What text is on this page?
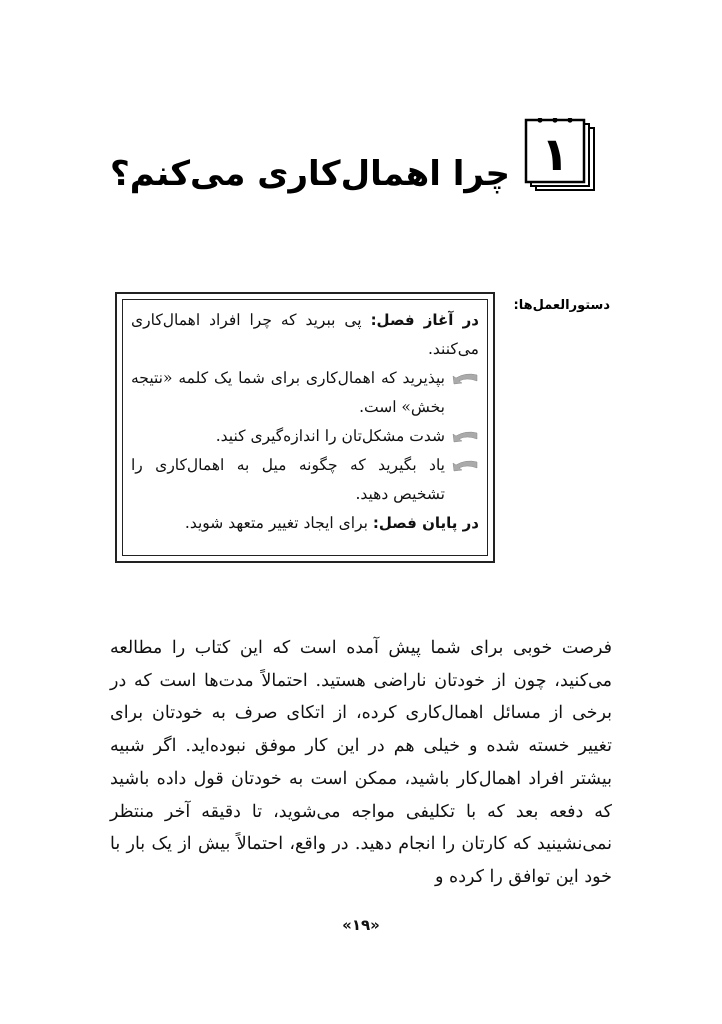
۱
چرا اهمال‌کاری می‌کنم؟
دستورالعمل‌ها:
در آغاز فصل: پی ببرید که چرا افراد اهمال‌کاری می‌کنند.
بپذیرید که اهمال‌کاری برای شما یک کلمه «نتیجه بخش» است.
شدت مشکل‌تان را اندازه‌گیری کنید.
یاد بگیرید که چگونه میل به اهمال‌کاری را تشخیص دهید.
در پایان فصل: برای ایجاد تغییر متعهد شوید.
فرصت خوبی برای شما پیش آمده است که این کتاب را مطالعه می‌کنید، چون از خودتان ناراضی هستید. احتمالاً مدت‌ها است که در برخی از مسائل اهمال‌کاری کرده، از اتکای صرف به خودتان برای تغییر خسته شده و خیلی هم در این کار موفق نبوده‌اید. اگر شبیه بیشتر افراد اهمال‌کار باشید، ممکن است به خودتان قول داده باشید که دفعه بعد که با تکلیفی مواجه می‌شوید، تا دقیقه آخر منتظر نمی‌نشینید که کارتان را انجام دهید. در واقع، احتمالاً بیش از یک بار با خود این توافق را کرده و
«۱۹»
